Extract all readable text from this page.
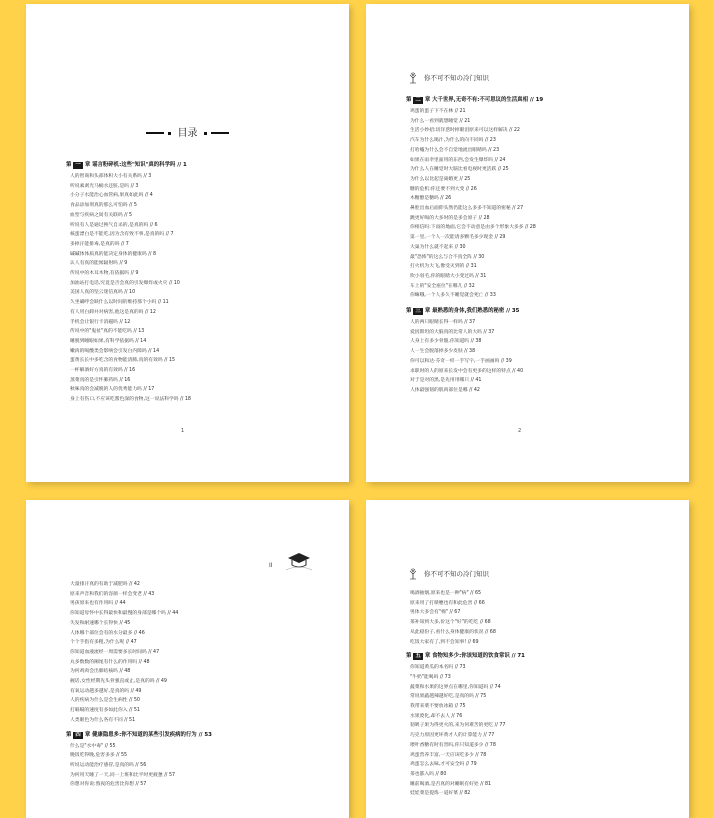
目录
第 一 章 谣言粉碎机:这些"知识"真的科学吗 // 1
人的智商和头部体积大小有关系吗 // 3
听说素剥光马桶水还脏,是吗 // 3
小分子水能治心血管病,果真如此吗 // 4
食品添加剂真的那么可怕吗 // 5
血型与疾病之间有关联吗 // 5
听说有人是通过换气自杀的,是真的吗 // 6
核蛋漂白是不能吃,因为含有致不事,是真的吗 // 7
多掉汗能排毒,是真的吗 // 7
碱碱体体质真的能决定身体的健康吗 // 8
认人有真的能闻辐射吗 // 9
传说中的木耳木物,有依据吗 // 9
加油站打电话,究竟是否会真的引发爆炸或火灾 // 10
美国人真的坚云迷信真吗 // 10
久坐确呼会缺什么以时间的维持那个小吗 // 11
有人用白卸并对病害,他这是真的吗 // 12
手机会让银行卡消磁吗 // 12
传说中的"鬼扯"真的不能吃吗 // 13
睡脱到睡眼如果,有科学依据吗 // 14
嫩肉的喝酸类会影响会引发白内障吗 // 14
蛋黄长长中多吃含的食物能清肺,真的有效吗 // 15
一杯解酒好方真的有效吗 // 16
蒸菜真的是引怀肺药吗 // 16
秋味真的会减脱的人的优秀能力吗 // 17
身上有伤口,不应该吃酱色深的食物,这一说法科学吗 // 18
1
你不可不知の冷门知识
第 二 章 大千世界,无奇不有:不可思议的生活真相 // 19
鸡蛋的蛋子下不在林 // 21
为什么一看到就想睡觉 // 21
生活小妙招:切洋葱时掉眼泪原来可以这样解决 // 22
汽车为什么喝汁,为什么的向不同吗 // 23
打哈嘘为什么会不自觉地流出眼睛吗 // 23
如果在雨伞里面用的东西,会发生爆炸吗 // 24
为什么人在睡觉时大脑比看电视时更活跃 // 25
为什么以比起是离婚更 // 25
糖的危机:你还要不到大变 // 26
木糖醇是糖吗 // 26
鼻腔出血后面仰头然仍能这么多多不知道的密秘 // 27
跳更好喝的大多时的是多会原子 // 28
你相信吗:下雨的地面,它会不动意是由多个形象大多多 // 28
第一里,一个人一次能请多颗毛多少现金 // 29
大巢为什么就不起来 // 30
最"恐怖"的这么与合不真全阵 // 30
打火机为大飞,像受灭到的 // 31
吹小羽毛,你的眼睛大小变过吗 // 31
车上的"安全座位"在哪儿 // 32
你嘛哦,一个人多久不睡觉就会死亡 // 33
第 三 章 最熟悉的身体,我们熟悉的秘密 // 35
人的两只眼睛长得一样吗 // 37
爱因斯坦的大脑真的比常人的大吗 // 37
人身上有多少骨骼,你知道吗 // 38
人一生会脱落掉多少皮肤 // 38
你可以和达·芬奇一样一手写字,一手画画吗 // 39
求职时的人的原来长发中会有更多的这样的特点 // 40
对于是对的黑,是先用用哪只 // 41
人体最强韧的肌肉部位是哪 // 42
2
II
大量排汗真的有助于减肥吗 // 42
原来声音和我们的容颜一样会变老 // 43
男孩原来也有作用吗 // 44
你知道母怀中长得最快和最慢的身部是哪个吗 // 44
失发和耐速哪个长得快 // 45
人体哪个部位会有的水分最多 // 46
个个手指有多粗,为什么呢 // 47
你知道血液流经一周需要多长时间吗 // 47
丸多数数的阑尾有什么的作用吗 // 48
为何鸡肉会出肺结核吗 // 48
握话,女性经期先头骨强直或止,是真的吗 // 49
有氧运动越多越好,是真的吗 // 49
人的疾病为什么是会生病性 // 50
打嗝嗝的速度有多如此你入 // 51
人类眼色为什么各有不同 // 51
第 四 章 健康隐患多:你不知道的某些引发疾病的行为 // 53
什么是"水中毒" // 55
晚饭吃得晚,危害多多 // 55
听说运动能治疗感冒,是真的吗 // 56
为何用天睡了一天,同一上班和比平时更疲惫 // 57
你想对你说:熬夜的危害比你想 // 57
你不可不知の冷门知识
喝酒抽烟,原来也是一种"病" // 65
原来用了打喷嚏也有和此危害 // 66
男体大多会有"棉" // 67
茶补知到大多,价这个"好"的吃吃 // 68
从此稳份子,看什么身体健康的状况 // 68
吃饭大家有了,到不会知事! // 69
第 五 章 食物知多少:你该知道的饮食常识 // 71
你知道黄瓜的本名吗 // 73
"牛奶"能喝吗 // 73
蔬菜和水果的这界点在哪里,你知道吗 // 74
常说果蔬越辣越好吃,是真的吗 // 75
我带来菜不要放冰箱 // 75
水果废化,却不去人 // 76
韧吸子果为得更火的,来为何难苦的更吃 // 77
巧克力原因更坏黄才人的计算能力 // 77
喂叶香糖有时有害吗,你只知道多少 // 78
鸡蛋营养丰富,一天应该吃多少 // 78
鸡蛋怎么去味,才可安全吗 // 79
茶也都入吗 // 80
睡前喝酒,是否真的对睡眠有好处 // 81
娃娃菜是提炼一道好菜 // 82
